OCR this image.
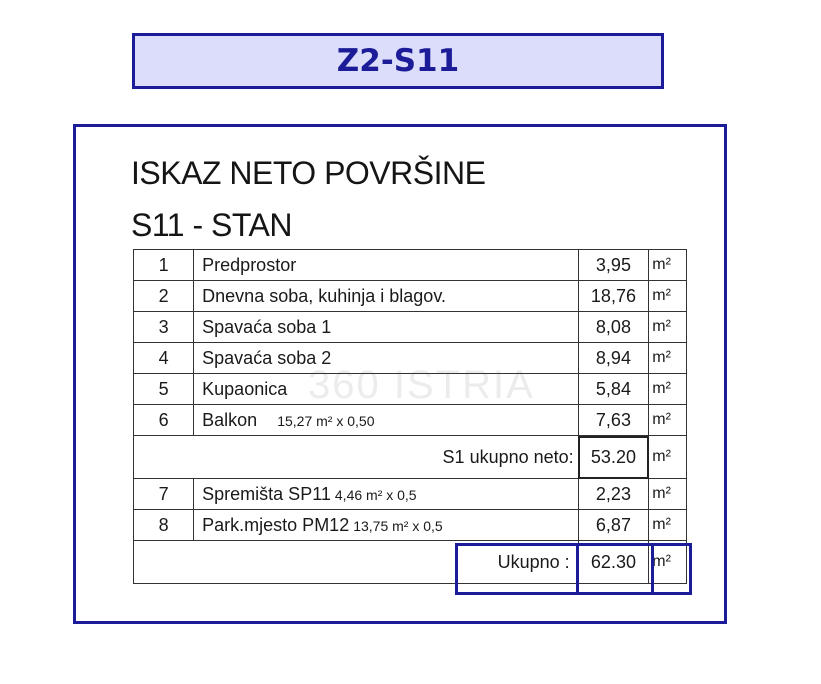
Z2-S11
ISKAZ NETO POVRŠINE
S11 - STAN
360 ISTRIA
1	Predprostor	3,95	m²
2	Dnevna soba, kuhinja i blagov.	18,76	m²
3	Spavaća soba 1	8,08	m²
4	Spavaća soba 2	8,94	m²
5	Kupaonica	5,84	m²
6	Balkon 15,27 m² x 0,50	7,63	m²
S1 ukupno neto:		53.20	m²
7	Spremišta SP11 4,46 m² x 0,5	2,23	m²
8	Park.mjesto PM12 13,75 m² x 0,5	6,87	m²
Ukupno :		62.30	m²
